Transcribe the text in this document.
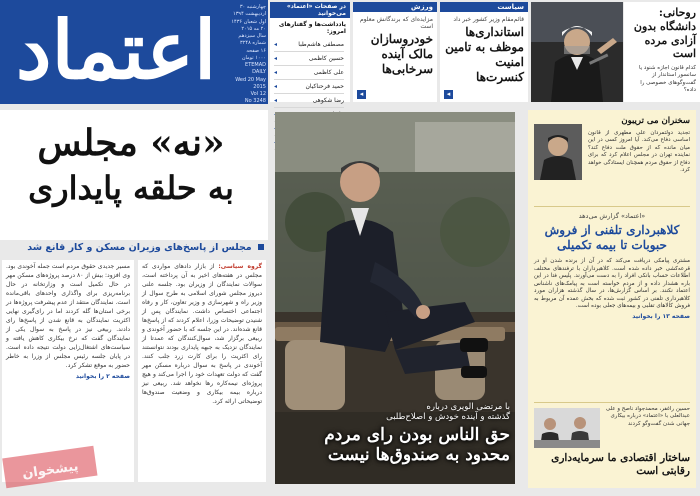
اعتماد	چهارشنبه ۳۰ اردیبهشت ۱۳۹۴
اول شعبان ۱۴۳۶
۲۰ مه ۲۰۱۵
سال سیزدهم
شماره ۳۲۴۸
۱۶ صفحه
۱۰۰۰ تومان
ETEMAD
DAILY
Wed 20 May 2015
Vol 12
No 3248
در صفحات «اعتماد» می‌خوانید
یادداشت‌ها و گفتارهای امروز:
مصطفی هاشم‌طبا
◂
حسین کاظمی
◂
علی کاظمی
◂
حمید فرحناکیان
◂
رضا شکوهی
◂
ورزش
مزایده‌ای که برندگانش معلوم است
خودروسازان مالک آینده سرخابی‌ها
◂
سیاست
قائم‌مقام وزیر کشور خبر داد
استانداری‌ها موظف به تامین امنیت کنسرت‌ها
◂
روحانی:
دانشگاه بدون آزادی مرده است
کدام قانون اجازه شنود یا سانسور استاندار از گفت‌وگوهای خصوصی را داده؟
«نه» مجلس
به حلقه پایداری
مجلس از پاسخ‌های وزیران مسکن و کار قانع شد
گروه سیاسی: از بازار دادهای مواردی که مجلس در هفته‌های اخیر به آن پرداخته است، سوالات نمایندگان از وزیران بود. جلسه علنی دیروز مجلس شورای اسلامی به طرح سوال از وزیر راه و شهرسازی و وزیر تعاون، کار و رفاه اجتماعی اختصاص داشت. نمایندگان پس از شنیدن توضیحات وزرا، اعلام کردند که از پاسخ‌ها قانع شده‌اند. در این جلسه که با حضور آخوندی و ربیعی برگزار شد، سوال‌کنندگان که عمدتا از نمایندگان نزدیک به جبهه پایداری بودند نتوانستند رای اکثریت را برای کارت زرد جلب کنند. آخوندی در پاسخ به سوال درباره مسکن مهر گفت که دولت تعهدات خود را اجرا می‌کند و هیچ پروژه‌ای نیمه‌کاره رها نخواهد شد. ربیعی نیز درباره بیمه بیکاری و وضعیت صندوق‌ها توضیحاتی ارائه کرد.
مسیر جدیدی حقوق مردم است جمله آخوندی بود. وی افزود: بیش از ۸۰ درصد پروژه‌های مسکن مهر در حال تکمیل است و وزارتخانه در حال برنامه‌ریزی برای واگذاری واحدهای باقی‌مانده است. نمایندگان منتقد از عدم پیشرفت پروژه‌ها در برخی استان‌ها گله کردند اما در رای‌گیری نهایی اکثریت نمایندگان به قانع شدن از پاسخ‌ها رای دادند. ربیعی نیز در پاسخ به سوال یکی از نمایندگان گفت که نرخ بیکاری کاهش یافته و سیاست‌های اشتغال‌زایی دولت نتیجه داده است. در پایان جلسه رئیس مجلس از وزرا به خاطر حضور به موقع تشکر کرد.
صفحه ۲ را بخوانید
پیشخوان
با مرتضی الویری درباره
گذشته و آینده خودش و اصلاح‌طلبی
حق الناس بودن رای مردم محدود به صندوق‌ها نیست
سخنران می تریبون
تجدید دولتمردان علی مطهری از قانون اساسی دفاع می‌کند. آیا امروز کسی در این میان مانده که از حقوق ملت دفاع کند؟ نماینده تهران در مجلس اعلام کرد که برای دفاع از حقوق مردم همچنان ایستادگی خواهد کرد.
«اعتماد» گزارش می‌دهد
کلاهبرداری تلفنی از فروش حبوبات تا بیمه تکمیلی
مشتری پیامکی دریافت می‌کند که در آن از برنده شدن او در قرعه‌کشی خبر داده شده است. کلاهبرداران با ترفندهای مختلف اطلاعات حساب بانکی افراد را به دست می‌آورند. پلیس فتا در این باره هشدار داده و از مردم خواسته است به پیامک‌های ناشناس اعتماد نکنند. بر اساس گزارش‌ها، در سال گذشته هزاران مورد کلاهبرداری تلفنی در کشور ثبت شده که بخش عمده آن مربوط به فروش کالاهای تقلبی و بیمه‌های جعلی بوده است.
صفحه ۱۳ را بخوانید
حسین راغفر، محمدجواد ناصح و علی عبدالعلی با «اعتماد» درباره بیکاری جهانی شدن گفت‌وگو کردند
ساختار اقتصادی ما سرمایه‌داری رقابتی است
